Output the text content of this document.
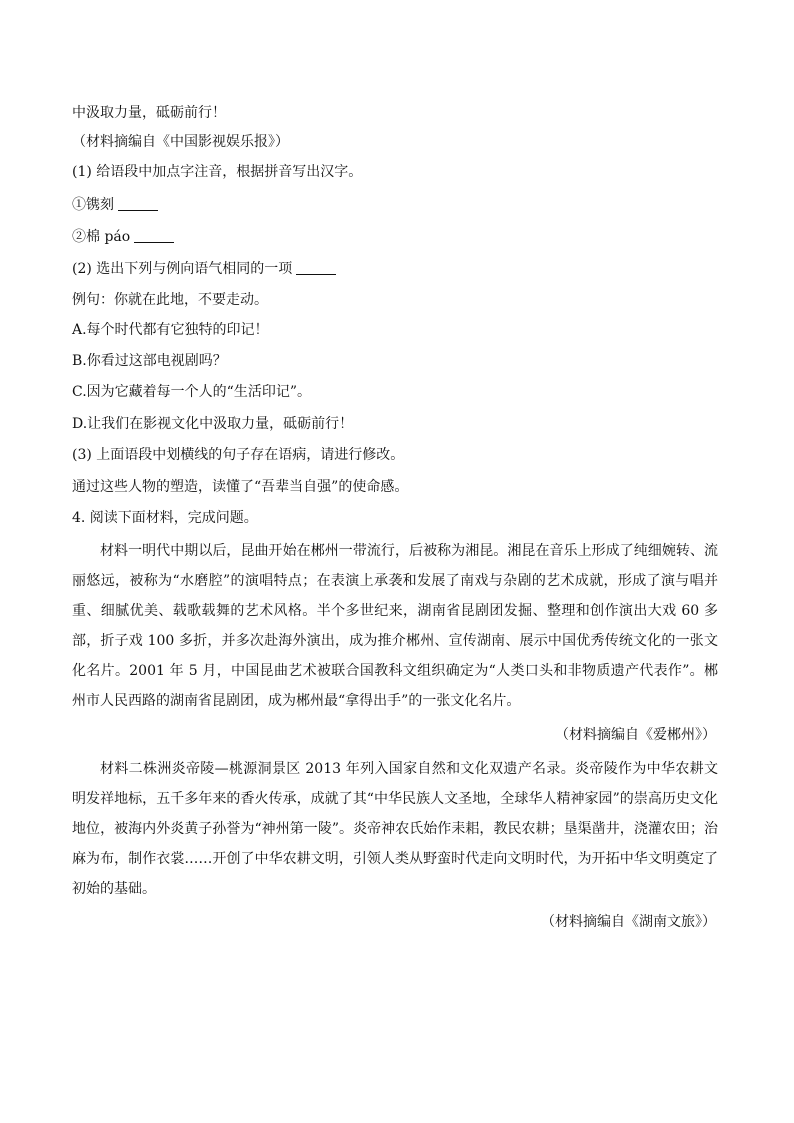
中汲取力量，砥砺前行！
（材料摘编自《中国影视娱乐报》）
(1) 给语段中加点字注音，根据拼音写出汉字。
①镌刻
②棉 páo
(2) 选出下列与例向语气相同的一项
例句：你就在此地，不要走动。
A.每个时代都有它独特的印记！
B.你看过这部电视剧吗？
C.因为它藏着每一个人的“生活印记”。
D.让我们在影视文化中汲取力量，砥砺前行！
(3) 上面语段中划横线的句子存在语病，请进行修改。
通过这些人物的塑造，读懂了“吾辈当自强”的使命感。
4. 阅读下面材料，完成问题。
材料一明代中期以后，昆曲开始在郴州一带流行，后被称为湘昆。湘昆在音乐上形成了纯细婉转、流丽悠远，被称为“水磨腔”的演唱特点；在表演上承袭和发展了南戏与杂剧的艺术成就，形成了演与唱并重、细腻优美、载歌载舞的艺术风格。半个多世纪来，湖南省昆剧团发掘、整理和创作演出大戏 60 多部，折子戏 100 多折，并多次赴海外演出，成为推介郴州、宣传湖南、展示中国优秀传统文化的一张文化名片。2001 年 5 月，中国昆曲艺术被联合国教科文组织确定为“人类口头和非物质遗产代表作”。郴州市人民西路的湖南省昆剧团，成为郴州最“拿得出手”的一张文化名片。
（材料摘编自《爱郴州》）
材料二株洲炎帝陵—桃源洞景区 2013 年列入国家自然和文化双遗产名录。炎帝陵作为中华农耕文明发祥地标，五千多年来的香火传承，成就了其“中华民族人文圣地，全球华人精神家园”的崇高历史文化地位，被海内外炎黄子孙誉为“神州第一陵”。炎帝神农氏始作耒耜，教民农耕；垦渠凿井，浇灌农田；治麻为布，制作衣裳……开创了中华农耕文明，引领人类从野蛮时代走向文明时代，为开拓中华文明奠定了初始的基础。
（材料摘编自《湖南文旅》）
